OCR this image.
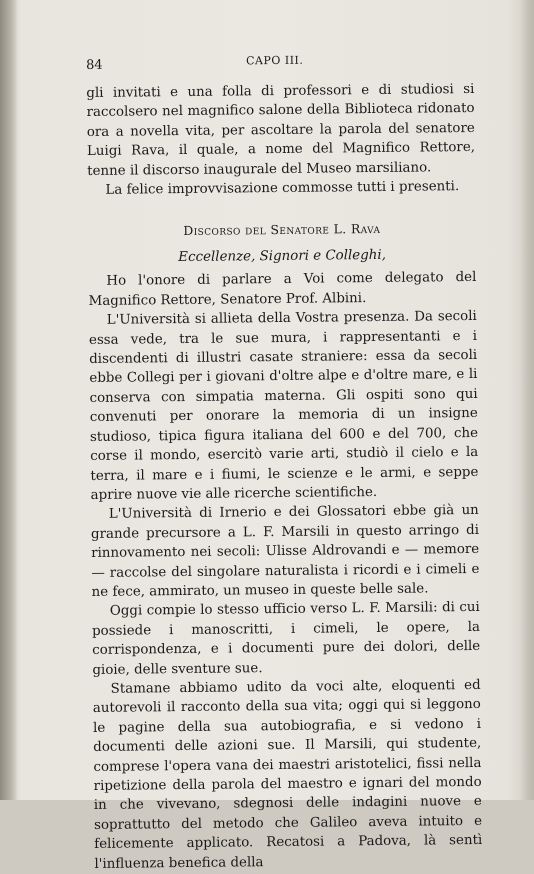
84	CAPO III.

gli invitati e una folla di professori e di studiosi si raccolsero nel magnifico salone della Biblioteca ridonato ora a novella vita, per ascoltare la parola del senatore Luigi Rava, il quale, a nome del Magnifico Rettore, tenne il discorso inaugurale del Museo marsiliano.

La felice improvvisazione commosse tutti i presenti.

Discorso del Senatore L. Rava
Eccellenze, Signori e Colleghi,

Ho l'onore di parlare a Voi come delegato del Magnifico Rettore, Senatore Prof. Albini.

L'Università si allieta della Vostra presenza. Da secoli essa vede, tra le sue mura, i rappresentanti e i discendenti di illustri casate straniere: essa da secoli ebbe Collegi per i giovani d'oltre alpe e d'oltre mare, e li conserva con simpatia materna. Gli ospiti sono qui convenuti per onorare la memoria di un insigne studioso, tipica figura italiana del 600 e del 700, che corse il mondo, esercitò varie arti, studiò il cielo e la terra, il mare e i fiumi, le scienze e le armi, e seppe aprire nuove vie alle ricerche scientifiche.

L'Università di Irnerio e dei Glossatori ebbe già un grande precursore a L. F. Marsili in questo arringo di rinnovamento nei secoli: Ulisse Aldrovandi e — memore — raccolse del singolare naturalista i ricordi e i cimeli e ne fece, ammirato, un museo in queste belle sale.

Oggi compie lo stesso ufficio verso L. F. Marsili: di cui possiede i manoscritti, i cimeli, le opere, la corrispondenza, e i documenti pure dei dolori, delle gioie, delle sventure sue.

Stamane abbiamo udito da voci alte, eloquenti ed autorevoli il racconto della sua vita; oggi qui si leggono le pagine della sua autobiografia, e si vedono i documenti delle azioni sue. Il Marsili, qui studente, comprese l'opera vana dei maestri aristotelici, fissi nella ripetizione della parola del maestro e ignari del mondo in che vivevano, sdegnosi delle indagini nuove e soprattutto del metodo che Galileo aveva intuito e felicemente applicato. Recatosi a Padova, là sentì l'influenza benefica della
